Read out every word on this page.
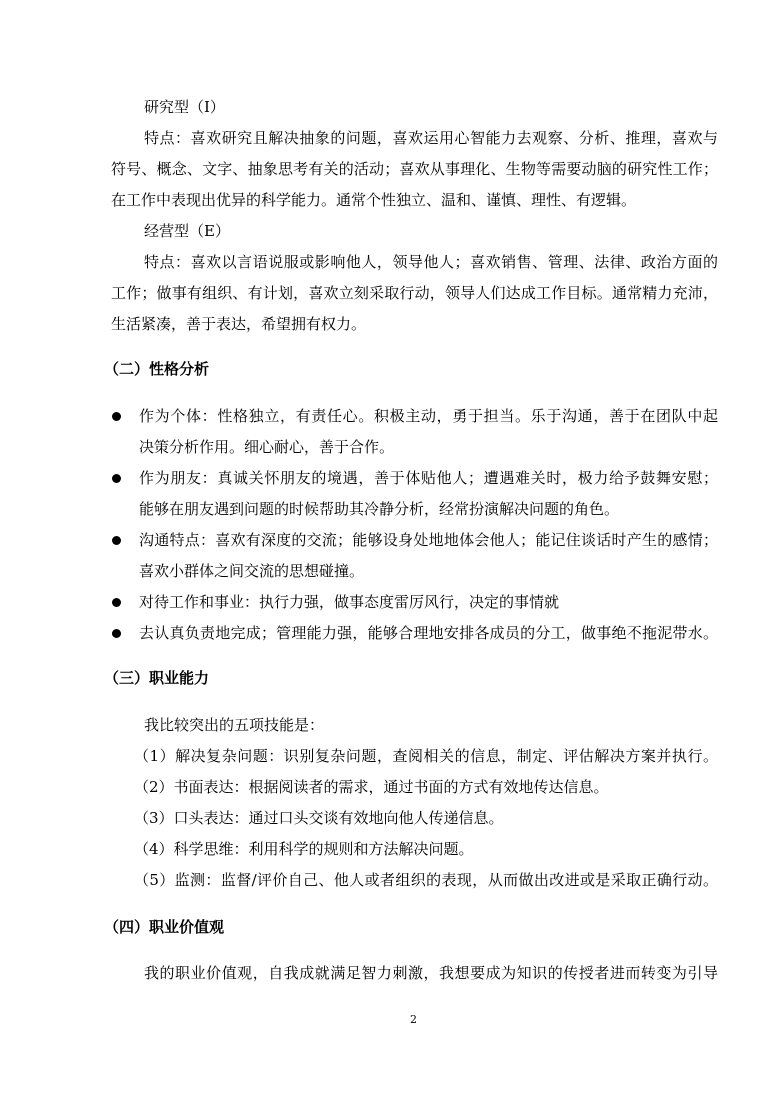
研究型（I）
特点：喜欢研究且解决抽象的问题，喜欢运用心智能力去观察、分析、推理，喜欢与
符号、概念、文字、抽象思考有关的活动；喜欢从事理化、生物等需要动脑的研究性工作；
在工作中表现出优异的科学能力。通常个性独立、温和、谨慎、理性、有逻辑。
经营型（E）
特点：喜欢以言语说服或影响他人，领导他人；喜欢销售、管理、法律、政治方面的
工作；做事有组织、有计划，喜欢立刻采取行动，领导人们达成工作目标。通常精力充沛，
生活紧凑，善于表达，希望拥有权力。
（二）性格分析
作为个体：性格独立，有责任心。积极主动，勇于担当。乐于沟通，善于在团队中起
决策分析作用。细心耐心，善于合作。
作为朋友：真诚关怀朋友的境遇，善于体贴他人；遭遇难关时，极力给予鼓舞安慰；
能够在朋友遇到问题的时候帮助其冷静分析，经常扮演解决问题的角色。
沟通特点：喜欢有深度的交流；能够设身处地地体会他人；能记住谈话时产生的感情；
喜欢小群体之间交流的思想碰撞。
对待工作和事业：执行力强，做事态度雷厉风行，决定的事情就
去认真负责地完成；管理能力强，能够合理地安排各成员的分工，做事绝不拖泥带水。
（三）职业能力
我比较突出的五项技能是：
（1）解决复杂问题：识别复杂问题，查阅相关的信息，制定、评估解决方案并执行。
（2）书面表达：根据阅读者的需求，通过书面的方式有效地传达信息。
（3）口头表达：通过口头交谈有效地向他人传递信息。
（4）科学思维：利用科学的规则和方法解决问题。
（5）监测：监督/评价自己、他人或者组织的表现，从而做出改进或是采取正确行动。
（四）职业价值观
我的职业价值观，自我成就满足智力刺激，我想要成为知识的传授者进而转变为引导
2
